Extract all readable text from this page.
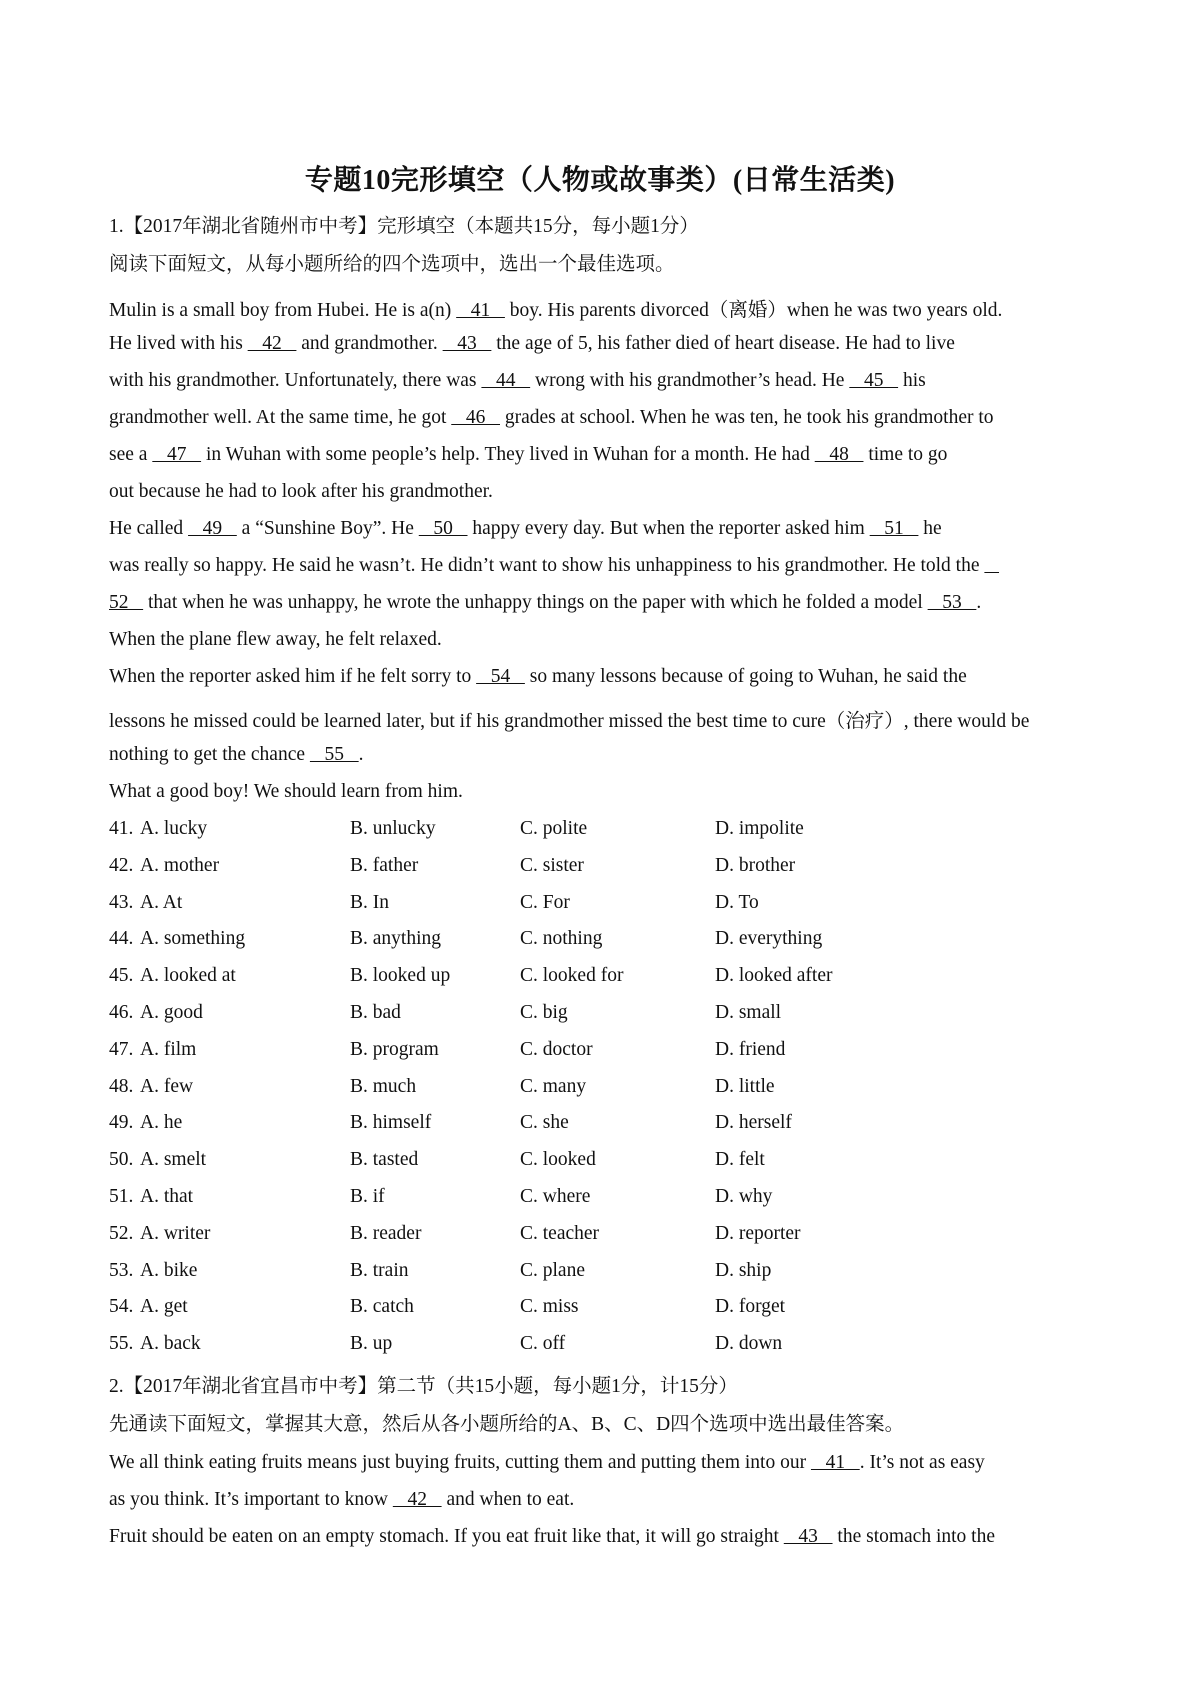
专题10完形填空（人物或故事类）(日常生活类)
1.【2017年湖北省随州市中考】完形填空（本题共15分，每小题1分）
阅读下面短文，从每小题所给的四个选项中，选出一个最佳选项。
Mulin is a small boy from Hubei. He is a(n)    41    boy. His parents divorced（离婚）when he was two years old.
He lived with his    42    and grandmother.    43    the age of 5, his father died of heart disease. He had to live
with his grandmother. Unfortunately, there was    44    wrong with his grandmother’s head. He    45    his
grandmother well. At the same time, he got    46    grades at school. When he was ten, he took his grandmother to
see a    47    in Wuhan with some people’s help. They lived in Wuhan for a month. He had    48    time to go
out because he had to look after his grandmother.
He called    49    a “Sunshine Boy”. He    50    happy every day. But when the reporter asked him    51    he
was really so happy. He said he wasn’t. He didn’t want to show his unhappiness to his grandmother. He told the
52    that when he was unhappy, he wrote the unhappy things on the paper with which he folded a model    53   .
When the plane flew away, he felt relaxed.
When the reporter asked him if he felt sorry to    54    so many lessons because of going to Wuhan, he said the
lessons he missed could be learned later, but if his grandmother missed the best time to cure（治疗）, there would be
nothing to get the chance    55   .
What a good boy! We should learn from him.
2.【2017年湖北省宜昌市中考】第二节（共15小题，每小题1分，计15分）
先通读下面短文，掌握其大意，然后从各小题所给的A、B、C、D四个选项中选出最佳答案。
We all think eating fruits means just buying fruits, cutting them and putting them into our    41   . It’s not as easy
as you think. It’s important to know    42    and when to eat.
Fruit should be eaten on an empty stomach. If you eat fruit like that, it will go straight    43    the stomach into the
41. A. lucky	B. unlucky	C. polite	D. impolite
42. A. mother	B. father	C. sister	D. brother
43. A. At	B. In	C. For	D. To
44. A. something	B. anything	C. nothing	D. everything
45. A. looked at	B. looked up	C. looked for	D. looked after
46. A. good	B. bad	C. big	D. small
47. A. film	B. program	C. doctor	D. friend
48. A. few	B. much	C. many	D. little
49. A. he	B. himself	C. she	D. herself
50. A. smelt	B. tasted	C. looked	D. felt
51. A. that	B. if	C. where	D. why
52. A. writer	B. reader	C. teacher	D. reporter
53. A. bike	B. train	C. plane	D. ship
54. A. get	B. catch	C. miss	D. forget
55. A. back	B. up	C. off	D. down
